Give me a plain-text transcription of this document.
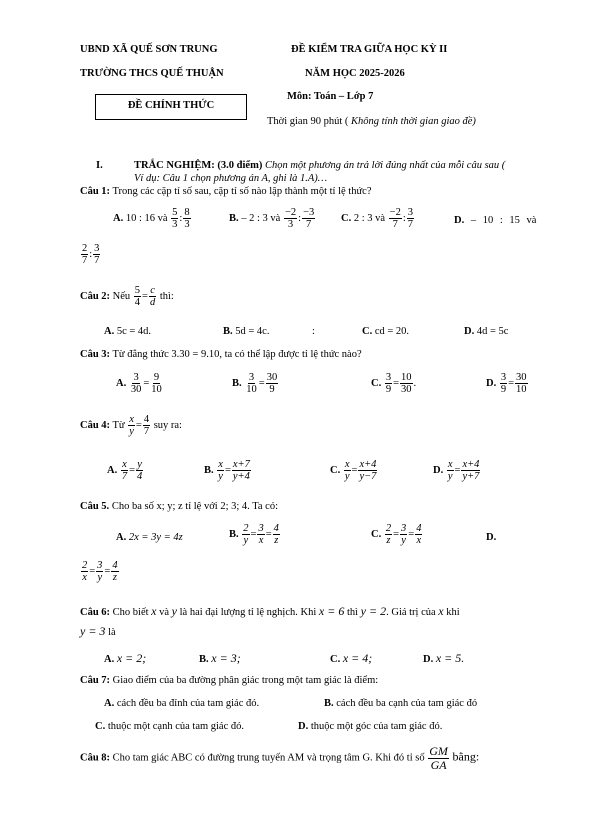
UBND XÃ QUẾ SƠN TRUNG
TRƯỜNG THCS QUẾ THUẬN
ĐỀ CHÍNH THỨC
ĐỀ KIỂM TRA GIỮA HỌC KỲ II
NĂM HỌC 2025-2026
Môn: Toán – Lớp 7
Thời gian 90 phút ( Không tính thời gian giao đề)
I.	TRẮC NGHIỆM: (3.0 điểm) Chọn một phương án trả lời đúng nhất của mỗi câu sau (
Ví dụ: Câu 1 chọn phương án A, ghi là 1.A)…
Câu 1: Trong các cặp tỉ số sau, cặp tỉ số nào lập thành một tỉ lệ thức?
A. 10 : 16 và $\frac{5}{3}$ : $\frac{8}{3}$	B. – 2 : 3 và $\frac{-2}{3}$ : $\frac{-3}{7} C$. 2 : 3 và $\frac{-2}{7}$ : $\frac{3}{7}$	D. – 10 : 15 và
$\frac{2}{7}$ : $\frac{3}{7}$
Câu 2: Nếu $\frac{5}{4} = \frac{c}{d}$ thì:
A. 5c = 4d.	B. 5d = 4c.	:	C. cd = 20.	D. 4d = 5c
Câu 3: Từ đẳng thức 3.30 = 9.10, ta có thể lập được tỉ lệ thức nào?
A. $\frac{3}{30} = \frac{9}{10}$	B. $\frac{3}{10} = \frac{30}{9}$	C. $\frac{3}{9} = \frac{10}{30}$ .	D. $\frac{3}{9} = \frac{30}{10}$
Câu 4: Từ $\frac{x}{y} = \frac{4}{7}$ suy ra:
A. $\frac{x}{7} = \frac{y}{4}$	B. $\frac{x}{y} = \frac{x+7}{y+4}$	C. $\frac{x}{y} = \frac{x+4}{y-7}$	D. $\frac{x}{y} = \frac{x+4}{y+7}$
Câu 5. Cho ba số x; y; z tỉ lệ với 2; 3; 4. Ta có:
A. 2x = 3y = 4z	B. $\frac{2}{y} = \frac{3}{x} = \frac{4}{z}$	C. $\frac{2}{z} = \frac{3}{y} = \frac{4}{x}$	D.
$\frac{2}{x} = \frac{3}{y} = \frac{4}{z}$
Câu 6: Cho biết x và y là hai đại lượng tỉ lệ nghịch. Khi x = 6 thì y = 2. Giá trị của x khi
y = 3 là
A. x = 2;	B. x = 3;	C. x = 4;	D. x = 5.
Câu 7: Giao điểm của ba đường phân giác trong một tam giác là điểm:
A. cách đều ba đỉnh của tam giác đó.	B. cách đều ba cạnh của tam giác đó
C. thuộc một cạnh của tam giác đó.	D. thuộc một góc của tam giác đó.
Câu 8: Cho tam giác ABC có đường trung tuyến AM và trọng tâm G. Khi đó tỉ số $\frac{GM}{GA}$ bằng:
